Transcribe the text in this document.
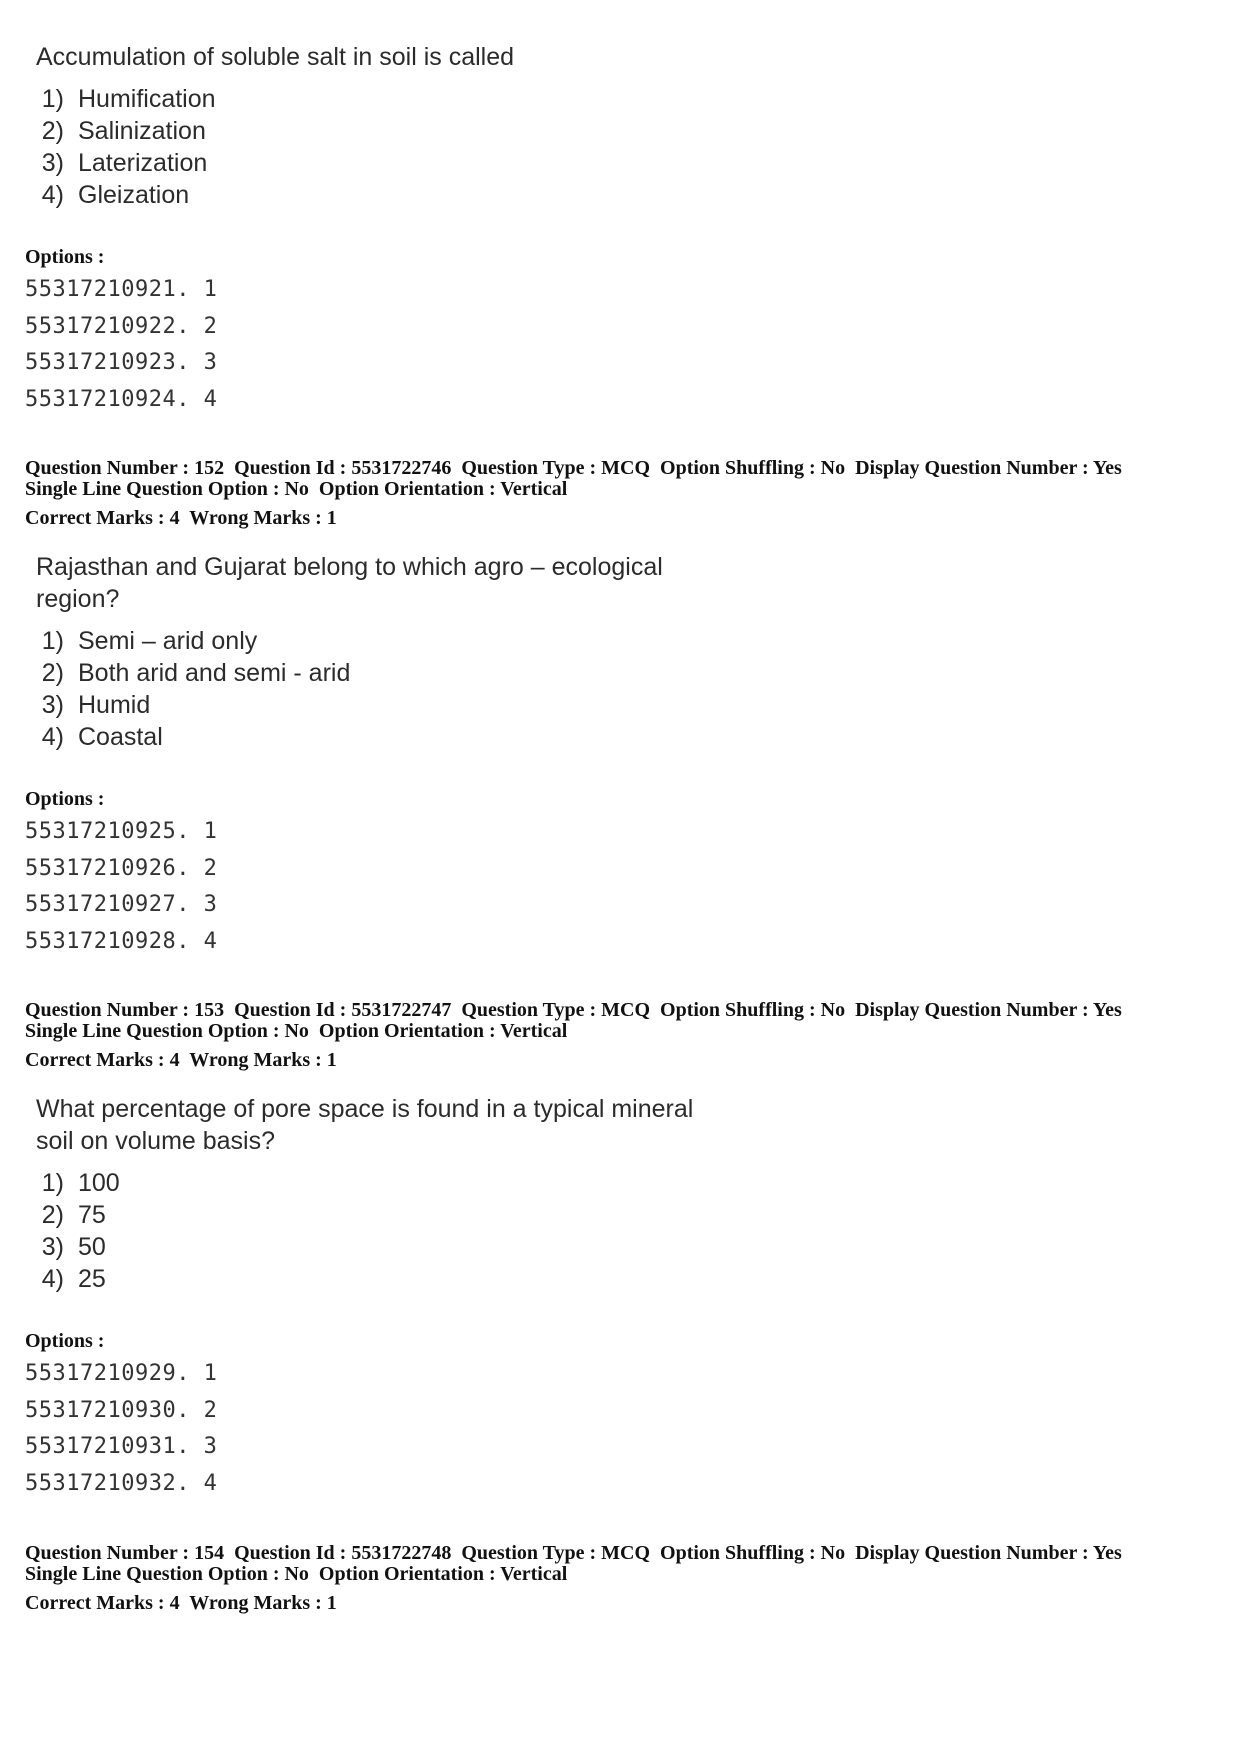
Accumulation of soluble salt in soil is called
1) Humification
2) Salinization
3) Laterization
4) Gleization
Options :
55317210921. 1
55317210922. 2
55317210923. 3
55317210924. 4
Question Number : 152  Question Id : 5531722746  Question Type : MCQ  Option Shuffling : No  Display Question Number : Yes
Single Line Question Option : No  Option Orientation : Vertical
Correct Marks : 4  Wrong Marks : 1
Rajasthan and Gujarat belong to which agro – ecological
region?
1) Semi – arid only
2) Both arid and semi - arid
3) Humid
4) Coastal
Options :
55317210925. 1
55317210926. 2
55317210927. 3
55317210928. 4
Question Number : 153  Question Id : 5531722747  Question Type : MCQ  Option Shuffling : No  Display Question Number : Yes
Single Line Question Option : No  Option Orientation : Vertical
Correct Marks : 4  Wrong Marks : 1
What percentage of pore space is found in a typical mineral
soil on volume basis?
1) 100
2) 75
3) 50
4) 25
Options :
55317210929. 1
55317210930. 2
55317210931. 3
55317210932. 4
Question Number : 154  Question Id : 5531722748  Question Type : MCQ  Option Shuffling : No  Display Question Number : Yes
Single Line Question Option : No  Option Orientation : Vertical
Correct Marks : 4  Wrong Marks : 1
